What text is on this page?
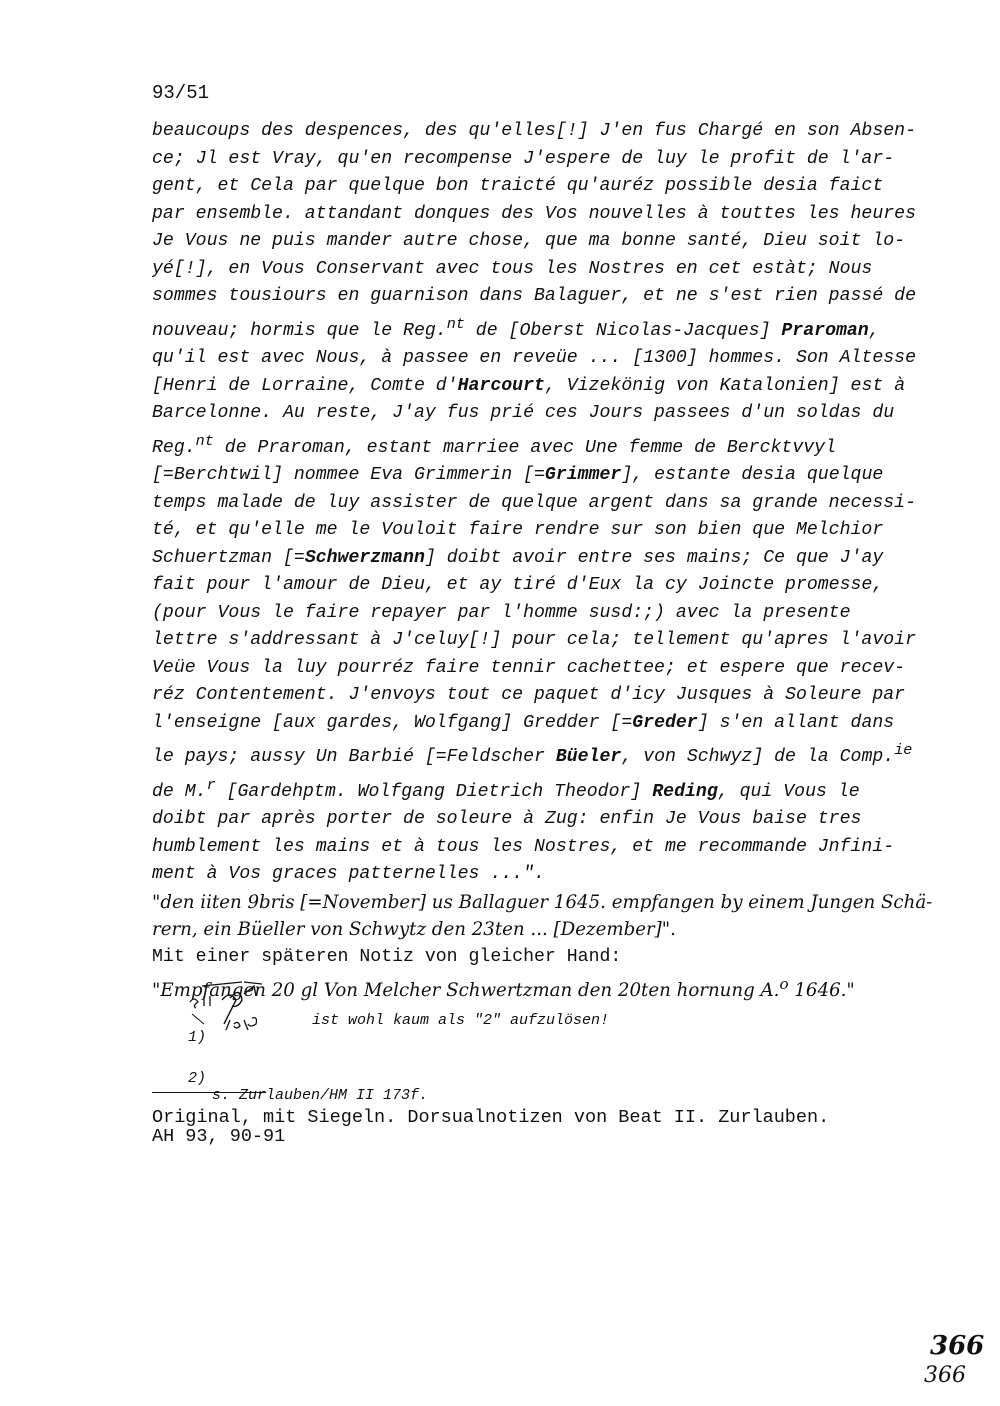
93/51
beaucoups des despences, des qu'elles[!] J'en fus Chargé en son Absen-
ce; Jl est Vray, qu'en recompense J'espere de luy le profit de l'ar-
gent, et Cela par quelque bon traicté qu'auréz possible desia faict
par ensemble. attandant donques des Vos nouvelles à touttes les heures
Je Vous ne puis mander autre chose, que ma bonne santé, Dieu soit lo-
yé[!], en Vous Conservant avec tous les Nostres en cet estàt; Nous
sommes tousiours en guarnison dans Balaguer, et ne s'est rien passé de
nouveau; hormis que le Reg.$^{nt}$ de [Oberst Nicolas-Jacques] Praroman,
qu'il est avec Nous, à passee en reveüe ... [1300] hommes. Son Altesse
[Henri de Lorraine, Comte d'Harcourt, Vizekönig von Katalonien] est à
Barcelonne. Au reste, J'ay fus prié ces Jours passees d'un soldas du
Reg.$^{nt}$ de Praroman, estant marriee avec Une femme de Bercktvvyl
[=Berchtwil] nommee Eva Grimmerin [=Grimmer], estante desia quelque
temps malade de luy assister de quelque argent dans sa grande necessi-
té, et qu'elle me le Vouloit faire rendre sur son bien que Melchior
Schuertzman [=Schwerzmann] doibt avoir entre ses mains; Ce que J'ay
fait pour l'amour de Dieu, et ay tiré d'Eux la cy Joincte promesse,
(pour Vous le faire repayer par l'homme susd:;) avec la presente
lettre s'addressant à J'celuy[!] pour cela; tellement qu'apres l'avoir
Veüe Vous la luy pourréz faire tennir cachettee; et espere que recev-
réz Contentement. J'envoys tout ce paquet d'icy Jusques à Soleure par
l'enseigne [aux gardes, Wolfgang] Gredder [=Greder] s'en allant dans
le pays; aussy Un Barbié [=Feldscher Büeler, von Schwyz] de la Comp.$^{ie}$
de M.$^r$ [Gardehptm. Wolfgang Dietrich Theodor] Reding, qui Vous le
doibt par après porter de soleure à Zug: enfin Je Vous baise tres
humblement les mains et à tous les Nostres, et me recommande Jnfini-
ment à Vos graces patternelles ...".
"den iiten 9bris [=November] us Ballaguer 1645. empfangen by einem Jungen Schä-
rern, ein Büeller von Schwytz den 23ten ... [Dezember]".
Mit einer späteren Notiz von gleicher Hand:
"Empfangen 20 gl Von Melcher Schwertzman den 20ten hornung A.$^o$ 1646."

1)

ist wohl kaum als "2" aufzulösen!

2)
s. Zurlauben/HM II 173f.

Original, mit Siegeln. Dorsualnotizen von Beat II. Zurlauben.
AH 93, 90-91
366
366
